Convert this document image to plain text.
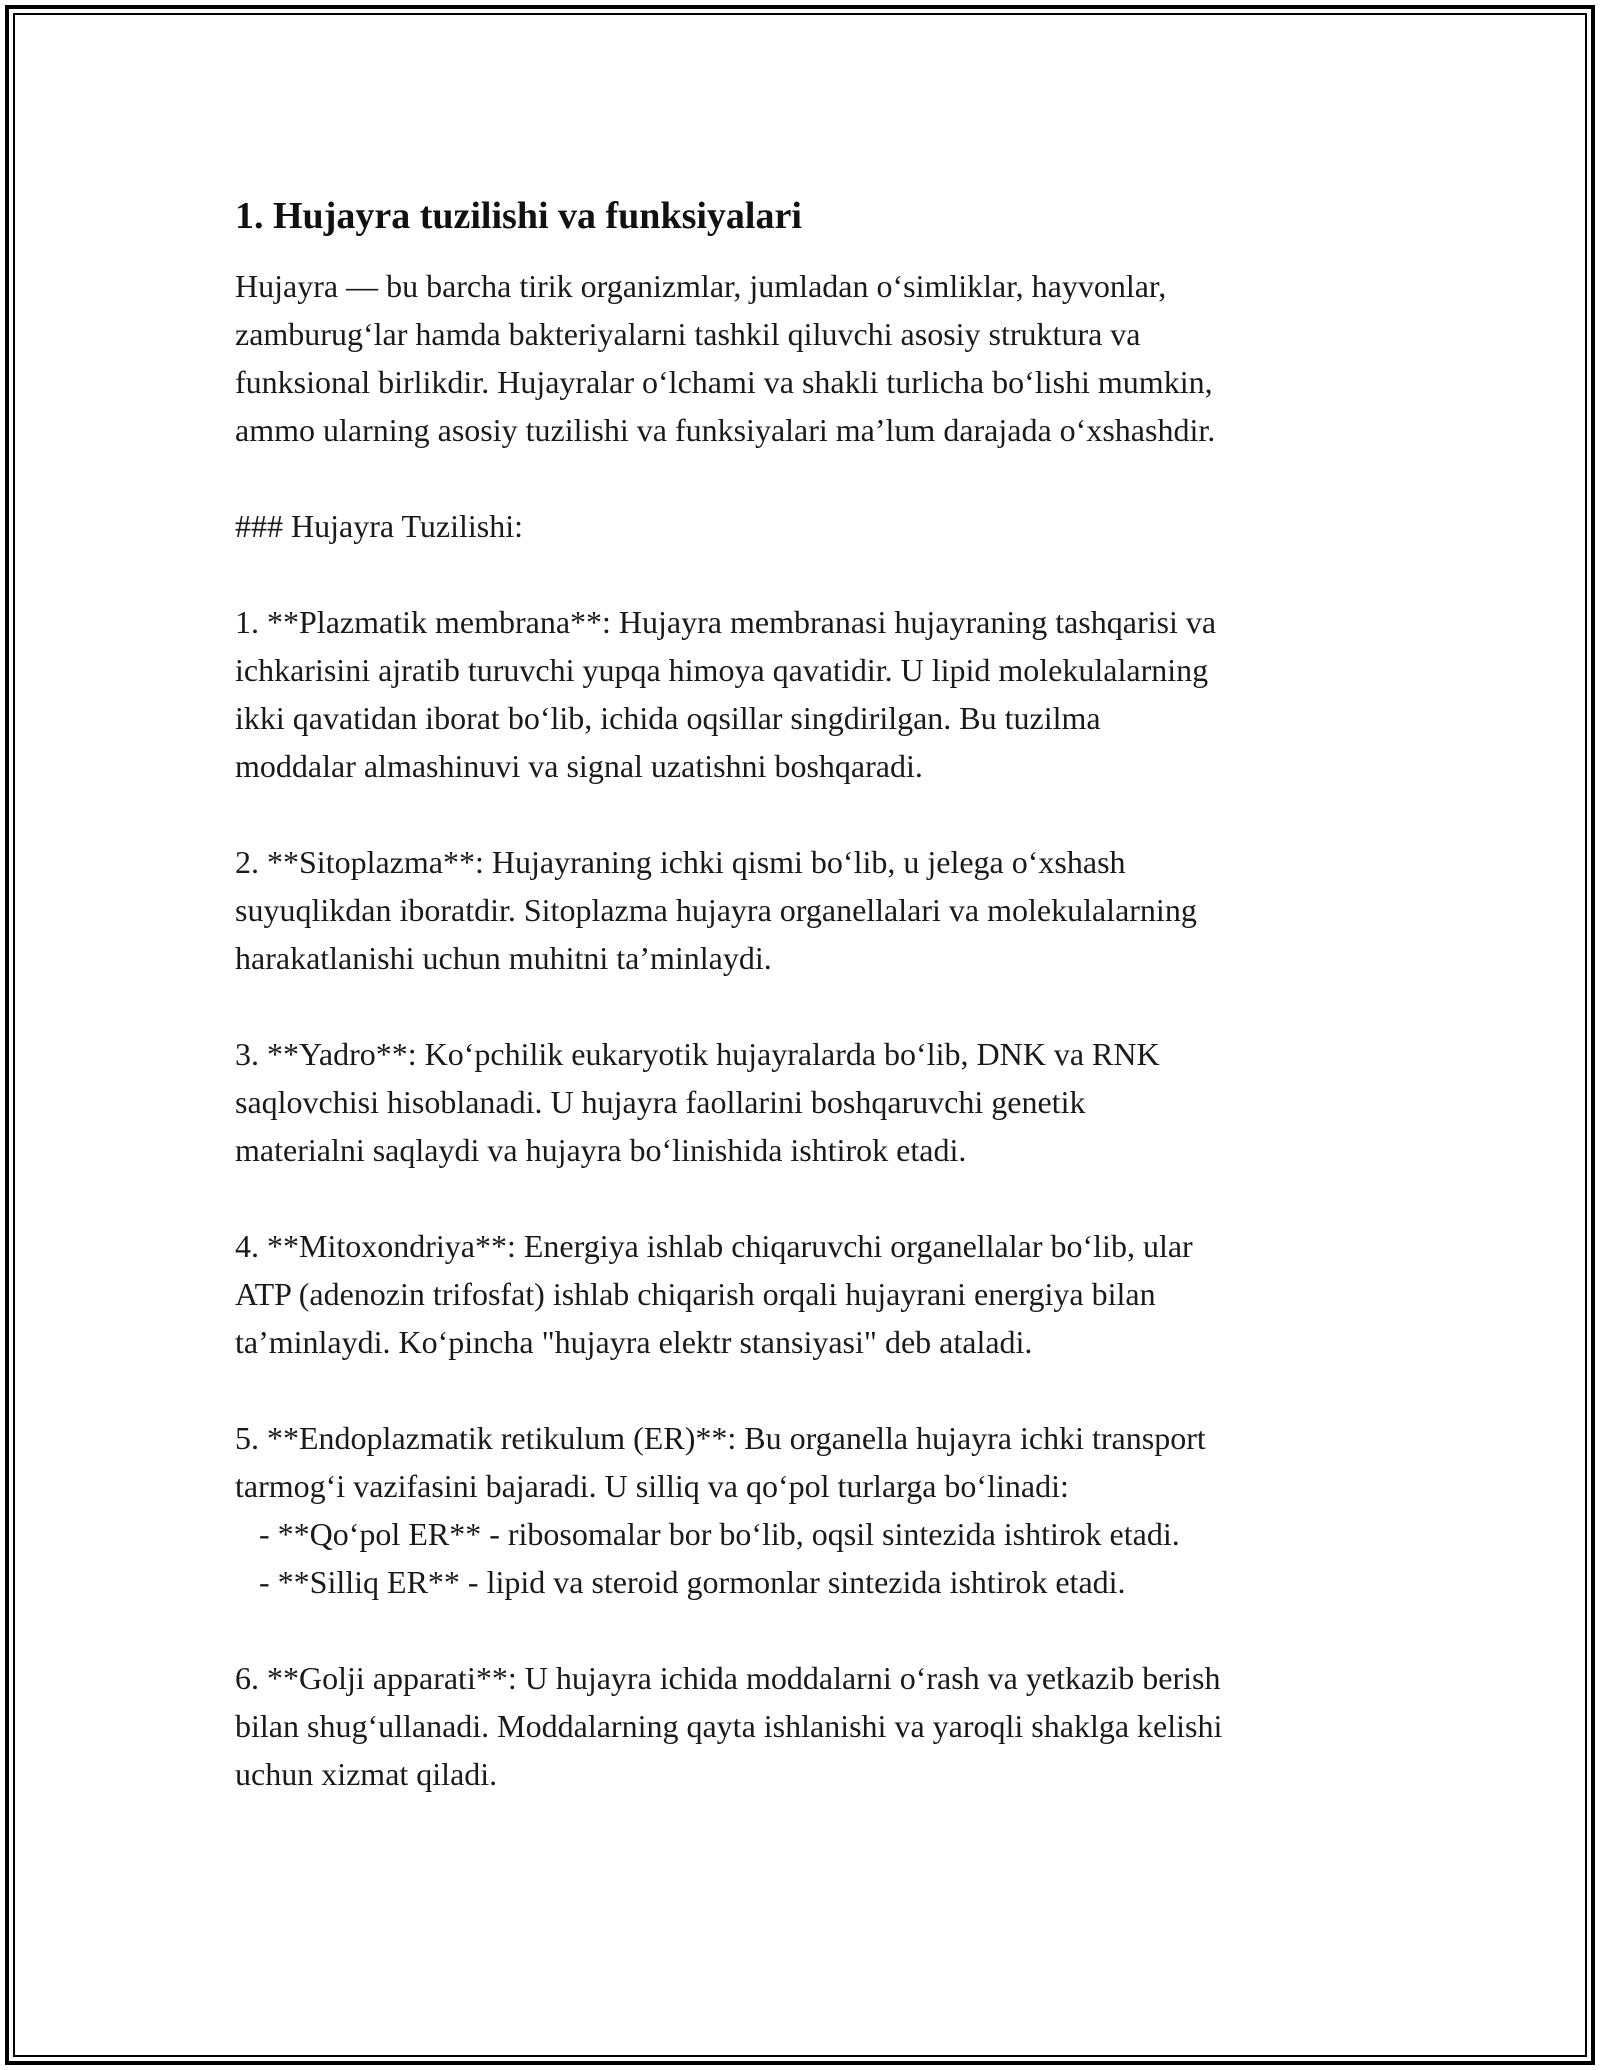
1. Hujayra tuzilishi va funksiyalari
Hujayra — bu barcha tirik organizmlar, jumladan o‘simliklar, hayvonlar,
zamburug‘lar hamda bakteriyalarni tashkil qiluvchi asosiy struktura va
funksional birlikdir. Hujayralar o‘lchami va shakli turlicha bo‘lishi mumkin,
ammo ularning asosiy tuzilishi va funksiyalari ma’lum darajada o‘xshashdir.
### Hujayra Tuzilishi:
1. **Plazmatik membrana**: Hujayra membranasi hujayraning tashqarisi va
ichkarisini ajratib turuvchi yupqa himoya qavatidir. U lipid molekulalarning
ikki qavatidan iborat bo‘lib, ichida oqsillar singdirilgan. Bu tuzilma
moddalar almashinuvi va signal uzatishni boshqaradi.
2. **Sitoplazma**: Hujayraning ichki qismi bo‘lib, u jelega o‘xshash
suyuqlikdan iboratdir. Sitoplazma hujayra organellalari va molekulalarning
harakatlanishi uchun muhitni ta’minlaydi.
3. **Yadro**: Ko‘pchilik eukaryotik hujayralarda bo‘lib, DNK va RNK
saqlovchisi hisoblanadi. U hujayra faollarini boshqaruvchi genetik
materialni saqlaydi va hujayra bo‘linishida ishtirok etadi.
4. **Mitoxondriya**: Energiya ishlab chiqaruvchi organellalar bo‘lib, ular
ATP (adenozin trifosfat) ishlab chiqarish orqali hujayrani energiya bilan
ta’minlaydi. Ko‘pincha "hujayra elektr stansiyasi" deb ataladi.
5. **Endoplazmatik retikulum (ER)**: Bu organella hujayra ichki transport
tarmog‘i vazifasini bajaradi. U silliq va qo‘pol turlarga bo‘linadi:
- **Qo‘pol ER** - ribosomalar bor bo‘lib, oqsil sintezida ishtirok etadi.
- **Silliq ER** - lipid va steroid gormonlar sintezida ishtirok etadi.
6. **Golji apparati**: U hujayra ichida moddalarni o‘rash va yetkazib berish
bilan shug‘ullanadi. Moddalarning qayta ishlanishi va yaroqli shaklga kelishi
uchun xizmat qiladi.
